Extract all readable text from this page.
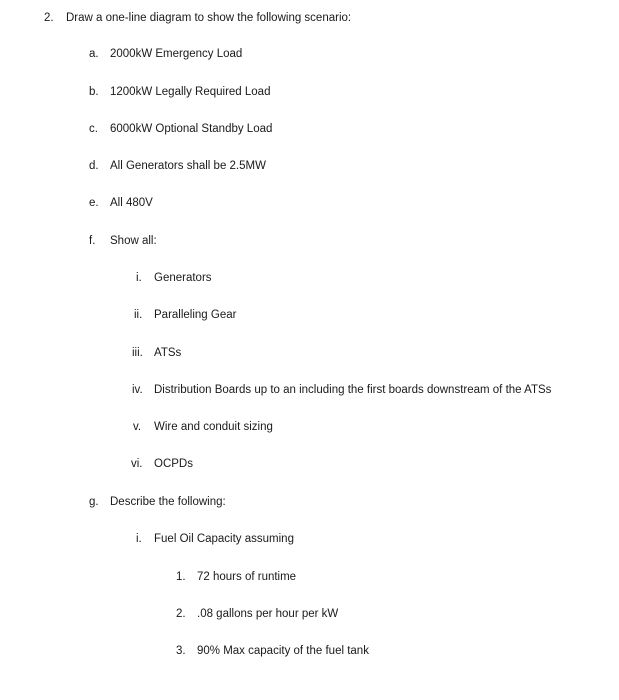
2. Draw a one-line diagram to show the following scenario:
a. 2000kW Emergency Load
b. 1200kW Legally Required Load
c. 6000kW Optional Standby Load
d. All Generators shall be 2.5MW
e. All 480V
f. Show all:
i. Generators
ii. Paralleling Gear
iii. ATSs
iv. Distribution Boards up to an including the first boards downstream of the ATSs
v. Wire and conduit sizing
vi. OCPDs
g. Describe the following:
i. Fuel Oil Capacity assuming
1. 72 hours of runtime
2. .08 gallons per hour per kW
3. 90% Max capacity of the fuel tank
